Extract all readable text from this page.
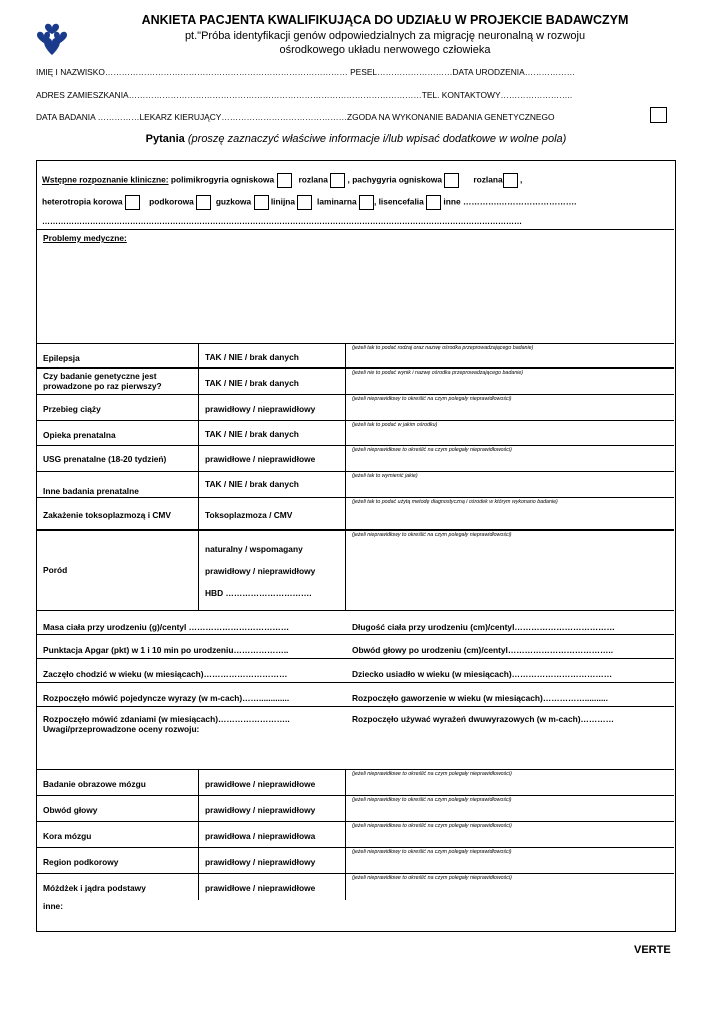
ANKIETA PACJENTA KWALIFIKUJĄCA DO UDZIAŁU W PROJEKCIE BADAWCZYM
pt."Próba identyfikacji genów odpowiedzialnych za migrację neuronalną w rozwoju
ośrodkowego układu nerwowego człowieka
IMIĘ I NAZWISKO…………………………………………………………………………… PESEL………………………DATA URODZENIA………………
ADRES ZAMIESZKANIA……………………………………………………………………………………………TEL. KONTAKTOWY……………………..
DATA BADANIA ……………LEKARZ KIERUJĄCY………………………………………ZGODA NA WYKONANIE BADANIA GENETYCZNEGO
Pytania (proszę zaznaczyć właściwe informacje i/lub wpisać dodatkowe w wolne pola)
Wstępne rozpoznanie kliniczne: polimikrogyria ogniskowa	rozlana , pachygyria ogniskowa	rozlana ,
heterotropia korowa	podkorowa	guzkowa linijna	laminarna , lisencefalia inne ………….……………………….
………………………………………………………………………………………………………………………………………………………………
Problemy medyczne:
Epilepsja	TAK / NIE / brak danych
(jeżeli tak to podać rodzaj oraz nazwę ośrodka przeprowadzającego badanie)
Czy badanie genetyczne jest prowadzone po raz pierwszy?	TAK / NIE / brak danych
(jeżeli nie to podać wynik i nazwę ośrodka przeprowadzającego badanie)
Przebieg ciąży	prawidłowy / nieprawidłowy
(jeżeli nieprawidłowy to określić na czym polegały nieprawidłowości)
Opieka prenatalna	TAK / NIE / brak danych
(jeżeli tak to podać w jakim ośrodku)
USG prenatalne (18-20 tydzień)	prawidłowe / nieprawidłowe
(jeżeli nieprawidłowe to określić na czym polegały nieprawidłowości)
Inne badania prenatalne
TAK / NIE / brak danych
(jeżeli tak to wymienić jakie)
Zakażenie toksoplazmozą i CMV	Toksoplazmoza / CMV
(jeżeli tak to podać użytą metodę diagnostyczną i ośrodek w którym wykonano badanie)
Poród
naturalny / wspomagany
prawidłowy / nieprawidłowy
HBD ………………………….
(jeżeli nieprawidłowy to określić na czym polegały nieprawidłowości)
Masa ciała przy urodzeniu (g)/centyl ………………………………	Długość ciała przy urodzeniu (cm)/centyl………………………………
Punktacja Apgar (pkt) w 1 i 10 min po urodzeniu………………..	Obwód głowy po urodzeniu (cm)/centyl………………………………..
Zaczęło chodzić w wieku (w miesiącach)…………………………	Dziecko usiadło w wieku (w miesiącach)………………………………
Rozpoczęło mówić pojedyncze wyrazy (w m-cach)…….............	Rozpoczęło gaworzenie w wieku (w miesiącach)……………..........
Rozpoczęło mówić zdaniami (w miesiącach)……………………..	Rozpoczęło używać wyrażeń dwuwyrazowych (w m-cach)…………
Uwagi/przeprowadzone oceny rozwoju:
Badanie obrazowe mózgu	prawidłowe / nieprawidłowe
(jeżeli nieprawidłowe to określić na czym polegały nieprawidłowości)
Obwód głowy	prawidłowy / nieprawidłowy
(jeżeli nieprawidłowy to określić na czym polegały nieprawidłowości)
Kora mózgu	prawidłowa / nieprawidłowa
(jeżeli nieprawidłowa to określić na czym polegały nieprawidłowości)
Region podkorowy	prawidłowy / nieprawidłowy
(jeżeli nieprawidłowy to określić na czym polegały nieprawidłowości)
Móżdżek i jądra podstawy	prawidłowe / nieprawidłowe
(jeżeli nieprawidłowe to określić na czym polegały nieprawidłowości)
inne:
VERTE
